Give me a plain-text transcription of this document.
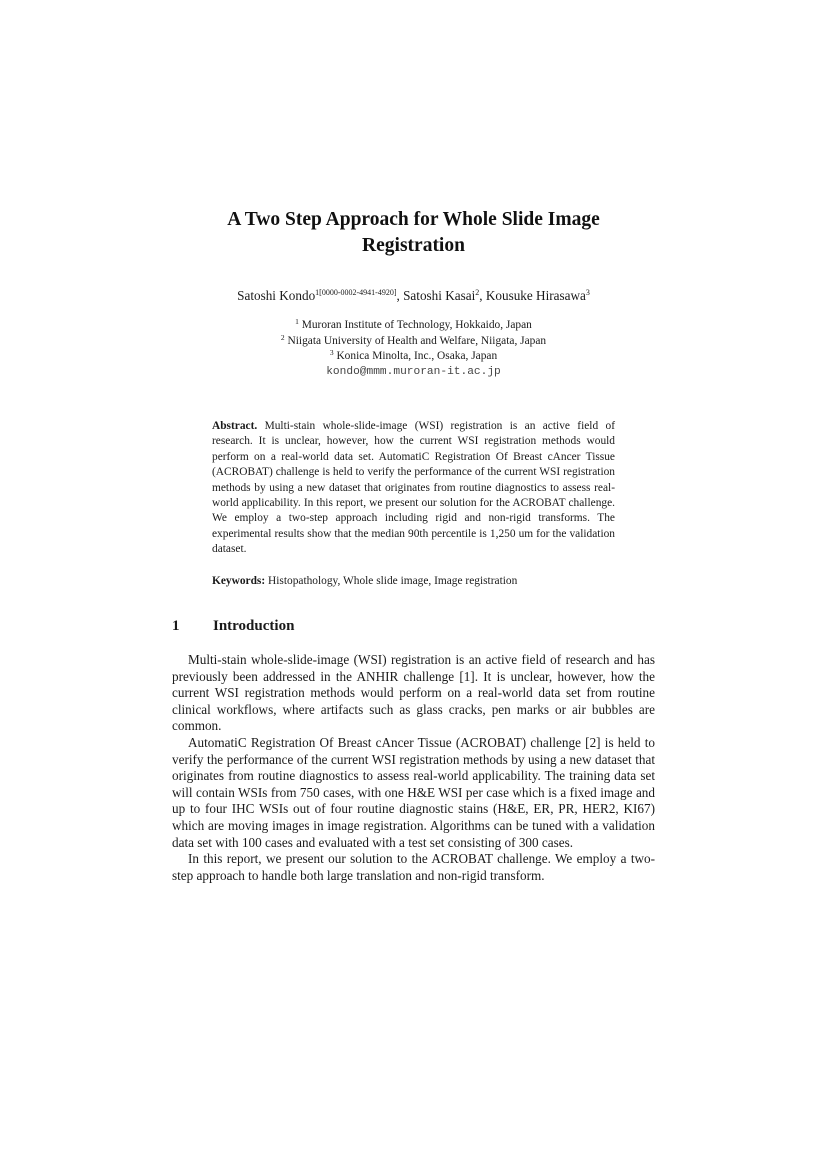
A Two Step Approach for Whole Slide Image
Registration
Satoshi Kondo$^{1[0000-0002-4941-4920]}$, Satoshi Kasai$^2$, Kousuke Hirasawa$^3$
$^1$ Muroran Institute of Technology, Hokkaido, Japan
$^2$ Niigata University of Health and Welfare, Niigata, Japan
$^3$ Konica Minolta, Inc., Osaka, Japan
kondo@mmm.muroran-it.ac.jp
Abstract. Multi-stain whole-slide-image (WSI) registration is an active field of research. It is unclear, however, how the current WSI registration methods would perform on a real-world data set. AutomatiC Registration Of Breast cAncer Tissue (ACROBAT) challenge is held to verify the performance of the current WSI registration methods by using a new dataset that originates from routine diagnostics to assess real-world applicability. In this report, we present our solution for the ACROBAT challenge. We employ a two-step approach including rigid and non-rigid transforms. The experimental results show that the median 90th percentile is 1,250 um for the validation dataset.
Keywords: Histopathology, Whole slide image, Image registration
1 Introduction

Multi-stain whole-slide-image (WSI) registration is an active field of research and has previously been addressed in the ANHIR challenge [1]. It is unclear, however, how the current WSI registration methods would perform on a real-world data set from routine clinical workflows, where artifacts such as glass cracks, pen marks or air bubbles are common.

AutomatiC Registration Of Breast cAncer Tissue (ACROBAT) challenge [2] is held to verify the performance of the current WSI registration methods by using a new dataset that originates from routine diagnostics to assess real-world applicability. The training data set will contain WSIs from 750 cases, with one H&E WSI per case which is a fixed image and up to four IHC WSIs out of four routine diagnostic stains (H&E, ER, PR, HER2, KI67) which are moving images in image registration. Algorithms can be tuned with a validation data set with 100 cases and evaluated with a test set consisting of 300 cases.

In this report, we present our solution to the ACROBAT challenge. We employ a two-step approach to handle both large translation and non-rigid transform.
